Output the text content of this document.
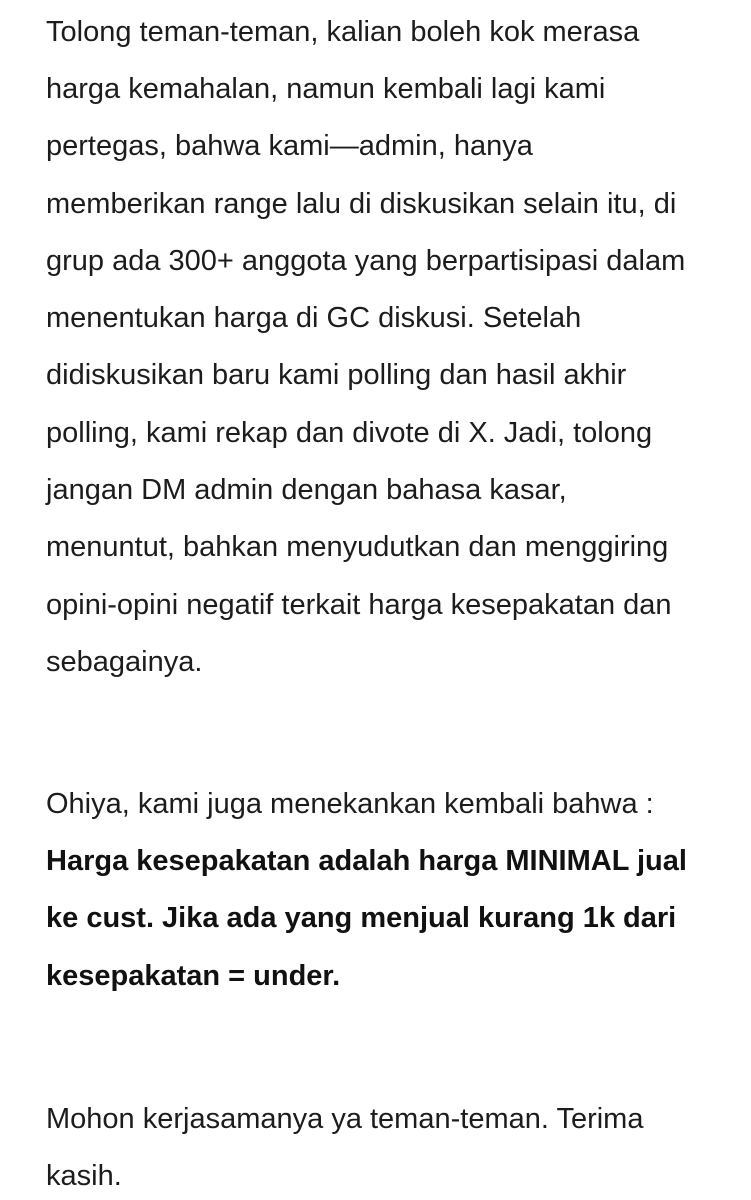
Tolong teman-teman, kalian boleh kok merasa
harga kemahalan, namun kembali lagi kami
pertegas, bahwa kami—admin, hanya
memberikan range lalu di diskusikan selain itu, di
grup ada 300+ anggota yang berpartisipasi dalam
menentukan harga di GC diskusi. Setelah
didiskusikan baru kami polling dan hasil akhir
polling, kami rekap dan divote di X. Jadi, tolong
jangan DM admin dengan bahasa kasar,
menuntut, bahkan menyudutkan dan menggiring
opini-opini negatif terkait harga kesepakatan dan
sebagainya.
Ohiya, kami juga menekankan kembali bahwa :
Harga kesepakatan adalah harga MINIMAL jual
ke cust. Jika ada yang menjual kurang 1k dari
kesepakatan = under.
Mohon kerjasamanya ya teman-teman. Terima
kasih.
